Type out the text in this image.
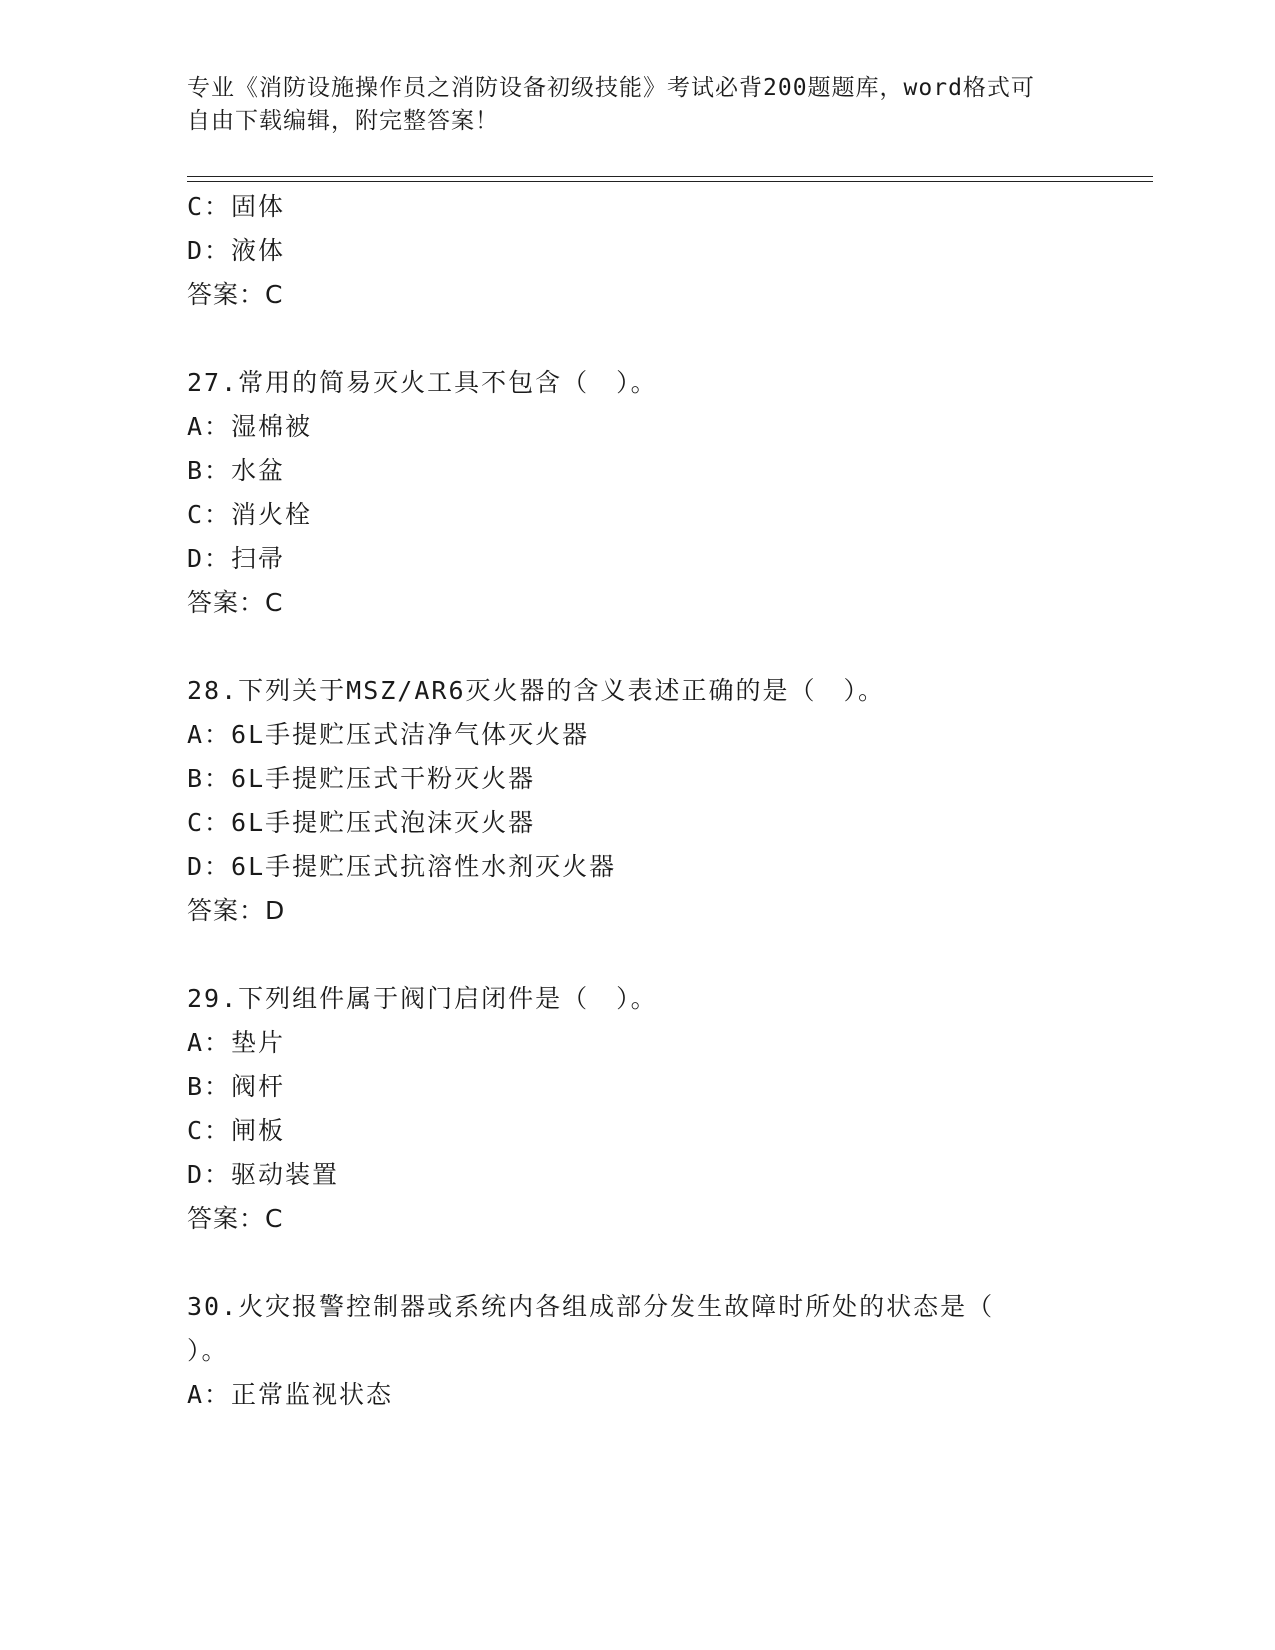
专业《消防设施操作员之消防设备初级技能》考试必背200题题库，word格式可
自由下载编辑，附完整答案！
C：固体
D：液体
答案：C
27.常用的简易灭火工具不包含（　）。
A：湿棉被
B：水盆
C：消火栓
D：扫帚
答案：C
28.下列关于MSZ/AR6灭火器的含义表述正确的是（　）。
A：6L手提贮压式洁净气体灭火器
B：6L手提贮压式干粉灭火器
C：6L手提贮压式泡沫灭火器
D：6L手提贮压式抗溶性水剂灭火器
答案：D
29.下列组件属于阀门启闭件是（　）。
A：垫片
B：阀杆
C：闸板
D：驱动装置
答案：C
30.火灾报警控制器或系统内各组成部分发生故障时所处的状态是（
）。
A：正常监视状态
